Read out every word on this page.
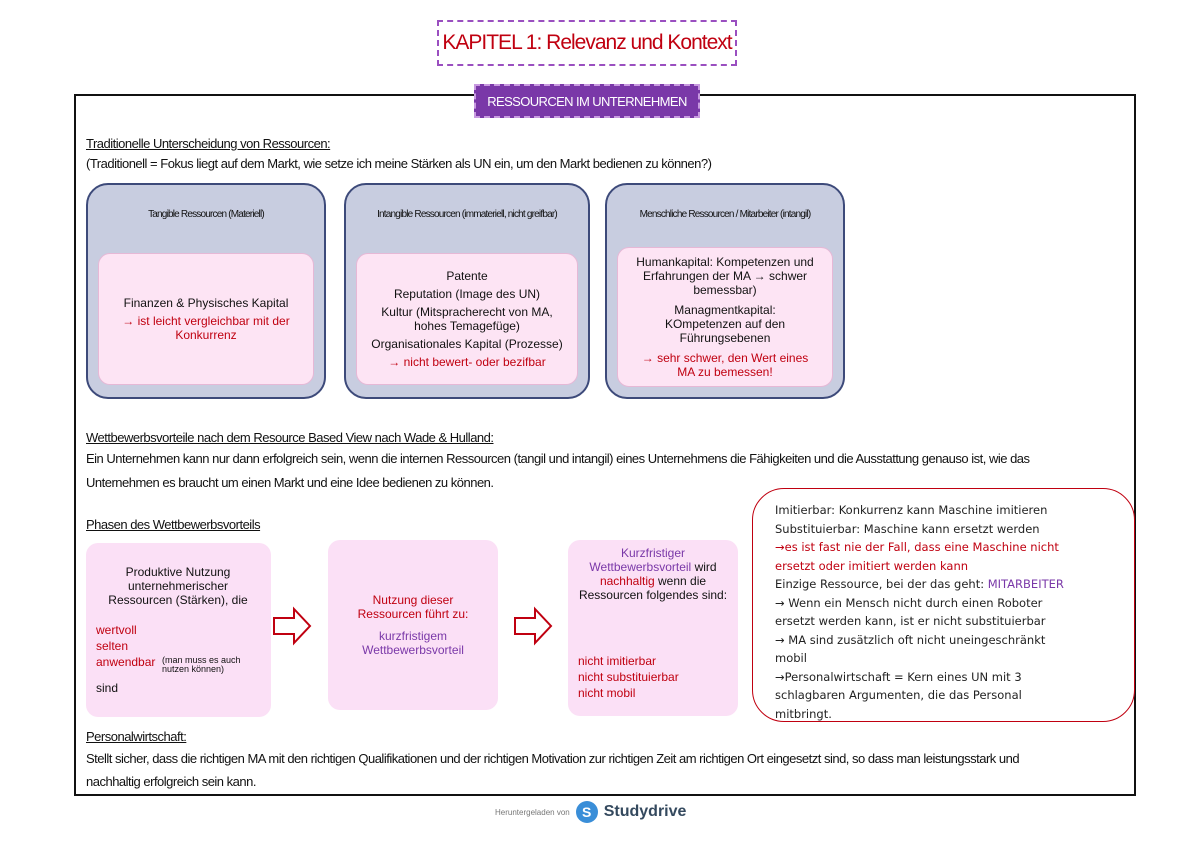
KAPITEL 1: Relevanz und Kontext
RESSOURCEN IM UNTERNEHMEN
Traditionelle Unterscheidung von Ressourcen:
(Traditionell = Fokus liegt auf dem Markt, wie setze ich meine Stärken als UN ein, um den Markt bedienen zu können?)
Tangible Ressourcen (Materiell)
Finanzen & Physisches Kapital
→ ist leicht vergleichbar mit der Konkurrenz
Intangible Ressourcen (immateriell, nicht greifbar)
Patente
Reputation (Image des UN)
Kultur (Mitspracherecht von MA, hohes Temagefüge)
Organisationales Kapital (Prozesse)
→ nicht bewert- oder bezifbar
Menschliche Ressourcen / Mitarbeiter (intangil)
Humankapital: Kompetenzen und Erfahrungen der MA → schwer bemessbar)
Managmentkapital: KOmpetenzen auf den Führungsebenen
→ sehr schwer, den Wert eines MA zu bemessen!
Wettbewerbsvorteile nach dem Resource Based View nach Wade & Hulland:
Ein Unternehmen kann nur dann erfolgreich sein, wenn die internen Ressourcen (tangil und intangil) eines Unternehmens die Fähigkeiten und die Ausstattung genauso ist, wie das
Unternehmen es braucht um einen Markt und eine Idee bedienen zu können.
Phasen des Wettbewerbsvorteils
Produktive Nutzung unternehmerischer Ressourcen (Stärken), die
wertvoll
selten
anwendbar (man muss es auch nutzen können)
sind
Nutzung dieser Ressourcen führt zu:
kurzfristigem Wettbewerbsvorteil
Kurzfristiger Wettbewerbsvorteil wird nachhaltig wenn die Ressourcen folgendes sind:
nicht imitierbar
nicht substituierbar
nicht mobil
Imitierbar: Konkurrenz kann Maschine imitieren
Substituierbar: Maschine kann ersetzt werden
→es ist fast nie der Fall, dass eine Maschine nicht
ersetzt oder imitiert werden kann
Einzige Ressource, bei der das geht: MITARBEITER
→ Wenn ein Mensch nicht durch einen Roboter
ersetzt werden kann, ist er nicht substituierbar
→ MA sind zusätzlich oft nicht uneingeschränkt
mobil
→Personalwirtschaft = Kern eines UN mit 3
schlagbaren Argumenten, die das Personal
mitbringt.
Personalwirtschaft:
Stellt sicher, dass die richtigen MA mit den richtigen Qualifikationen und der richtigen Motivation zur richtigen Zeit am richtigen Ort eingesetzt sind, so dass man leistungsstark und
nachhaltig erfolgreich sein kann.
Heruntergeladen von S Studydrive
